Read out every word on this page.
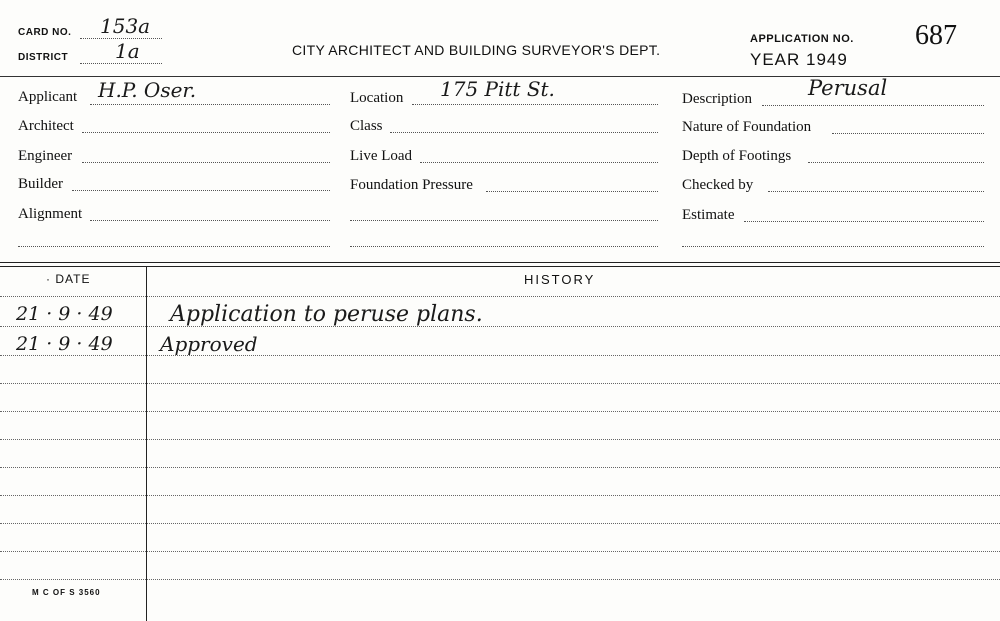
CARD NO. 153a
DISTRICT 1a	CITY ARCHITECT AND BUILDING SURVEYOR'S DEPT.
APPLICATION NO. 687
YEAR 1949
Applicant H.P. Oser.
Architect
Engineer
Builder
Alignment
Location 175 Pitt St.
Class
Live Load
Foundation Pressure
Description	Perusal
Nature of Foundation
Depth of Footings
Checked by
Estimate
· DATE	HISTORY
21 · 9 · 49	Application to peruse plans.
21 · 9 · 49 Approved
M C OF S 3560
